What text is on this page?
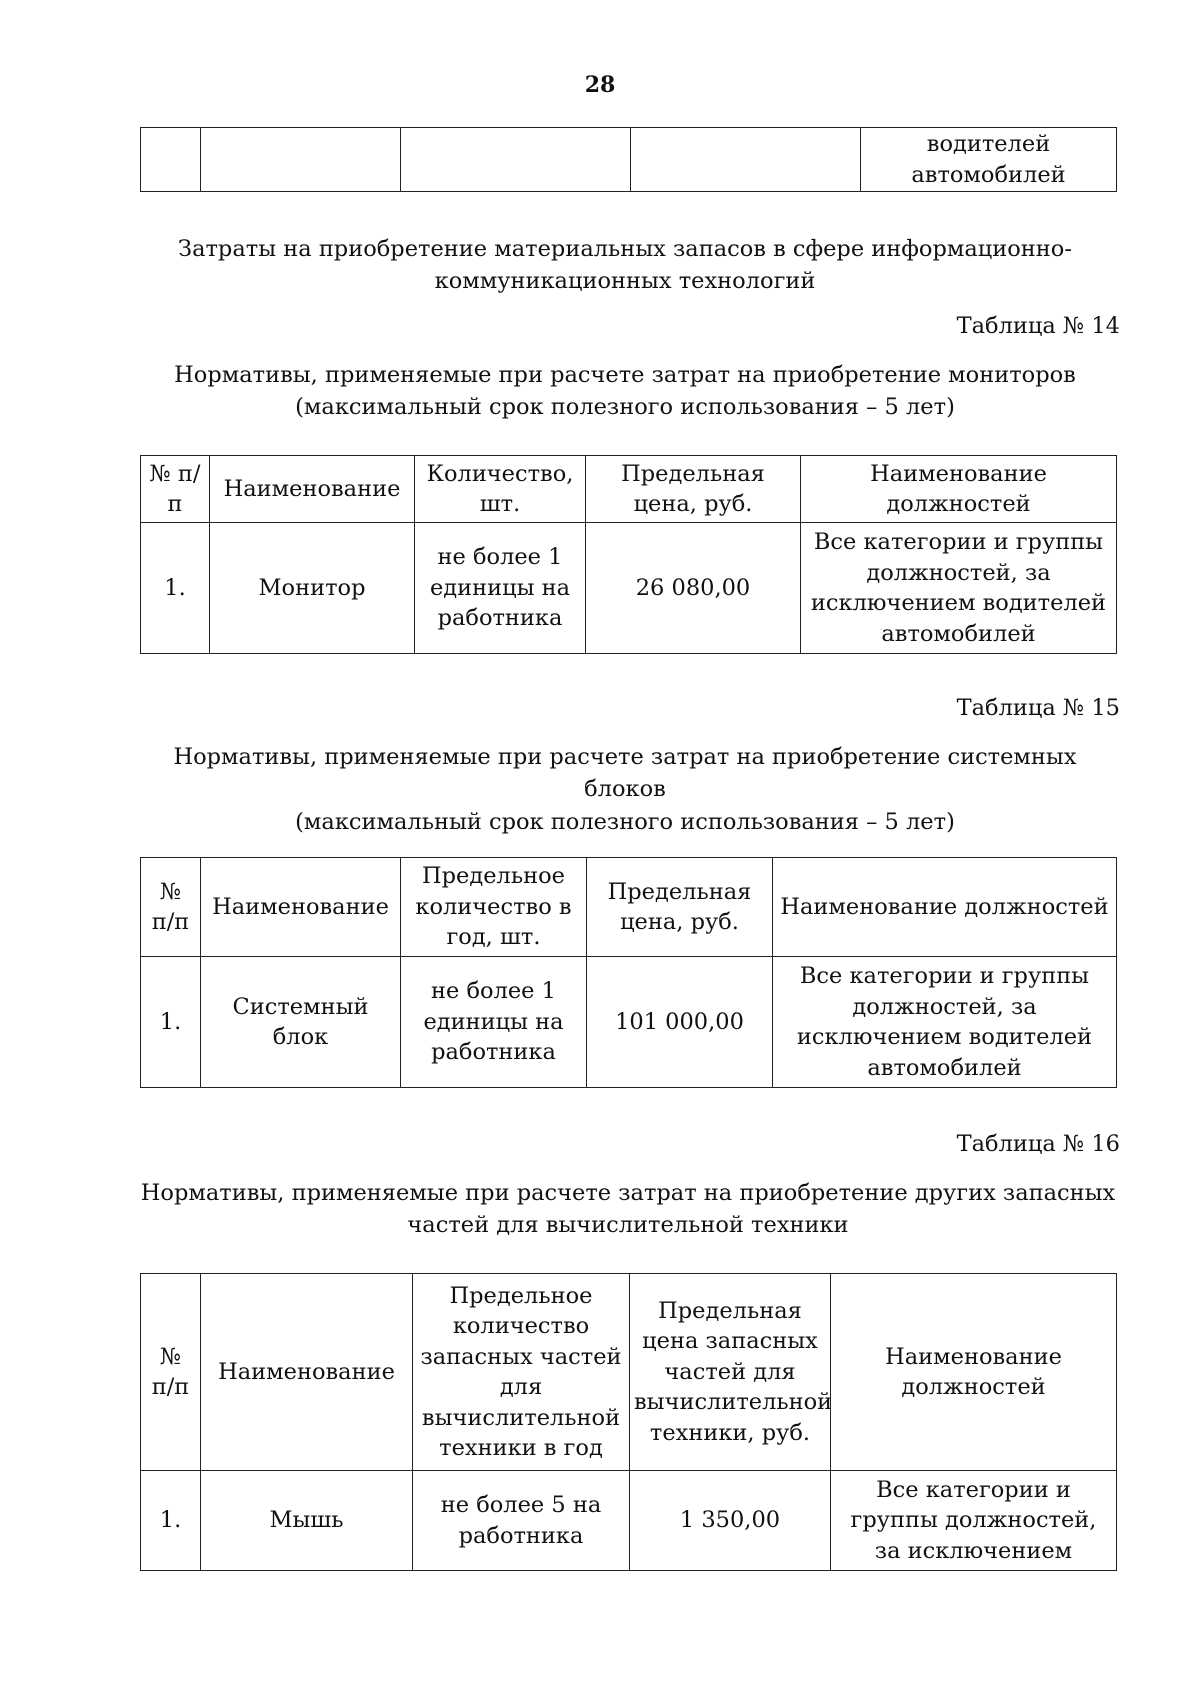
28
				водителей автомобилей
Затраты на приобретение материальных запасов в сфере информационно-коммуникационных технологий
Таблица № 14
Нормативы, применяемые при расчете затрат на приобретение мониторов
(максимальный срок полезного использования – 5 лет)
№ п/п	Наименование	Количество, шт.	Предельная цена, руб.	Наименование должностей
1.	Монитор	не более 1 единицы на работника	26 080,00	Все категории и группы должностей, за исключением водителей автомобилей
Таблица № 15
Нормативы, применяемые при расчете затрат на приобретение системных блоков
(максимальный срок полезного использования – 5 лет)
№ п/п	Наименование	Предельное количество в год, шт.	Предельная цена, руб.	Наименование должностей
1.	Системный блок	не более 1 единицы на работника	101 000,00	Все категории и группы должностей, за исключением водителей автомобилей
Таблица № 16
Нормативы, применяемые при расчете затрат на приобретение других запасных частей для вычислительной техники
№ п/п	Наименование	Предельное количество запасных частей для вычислительной техники в год	Предельная цена запасных частей для вычислительной техники, руб.	Наименование должностей
1.	Мышь	не более 5 на работника	1 350,00	Все категории и группы должностей, за исключением
